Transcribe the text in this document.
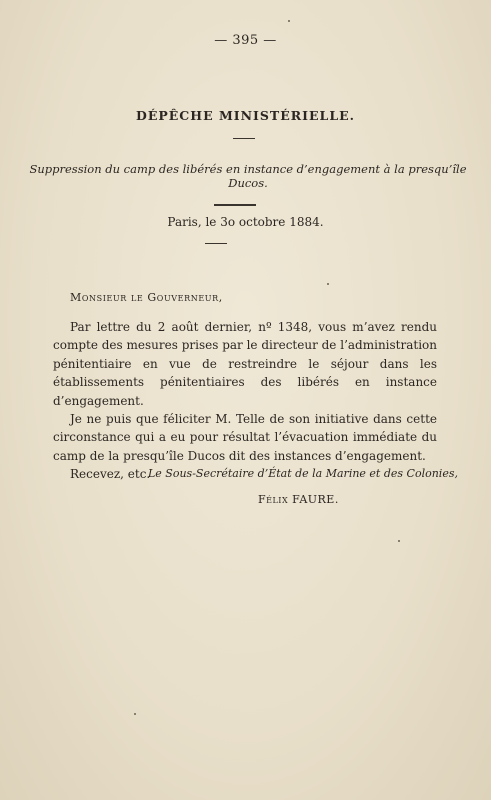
— 395 —
DÉPÊCHE MINISTÉRIELLE.
Suppression du camp des libérés en instance d’engagement à la presqu’île Ducos.
Paris, le 3o octobre 1884.
Monsieur le Gouverneur,

Par lettre du 2 août dernier, nº 1348, vous m’avez rendu compte des mesures prises par le directeur de l’administration pénitentiaire en vue de restreindre le séjour dans les établissements pénitentiaires des libérés en instance d’engagement.

Je ne puis que féliciter M. Telle de son initiative dans cette circonstance qui a eu pour résultat l’évacuation immédiate du camp de la presqu’île Ducos dit des instances d’engagement.

Recevez, etc.

Le Sous-Secrétaire d’État de la Marine et des Colonies,
Félix FAURE.
